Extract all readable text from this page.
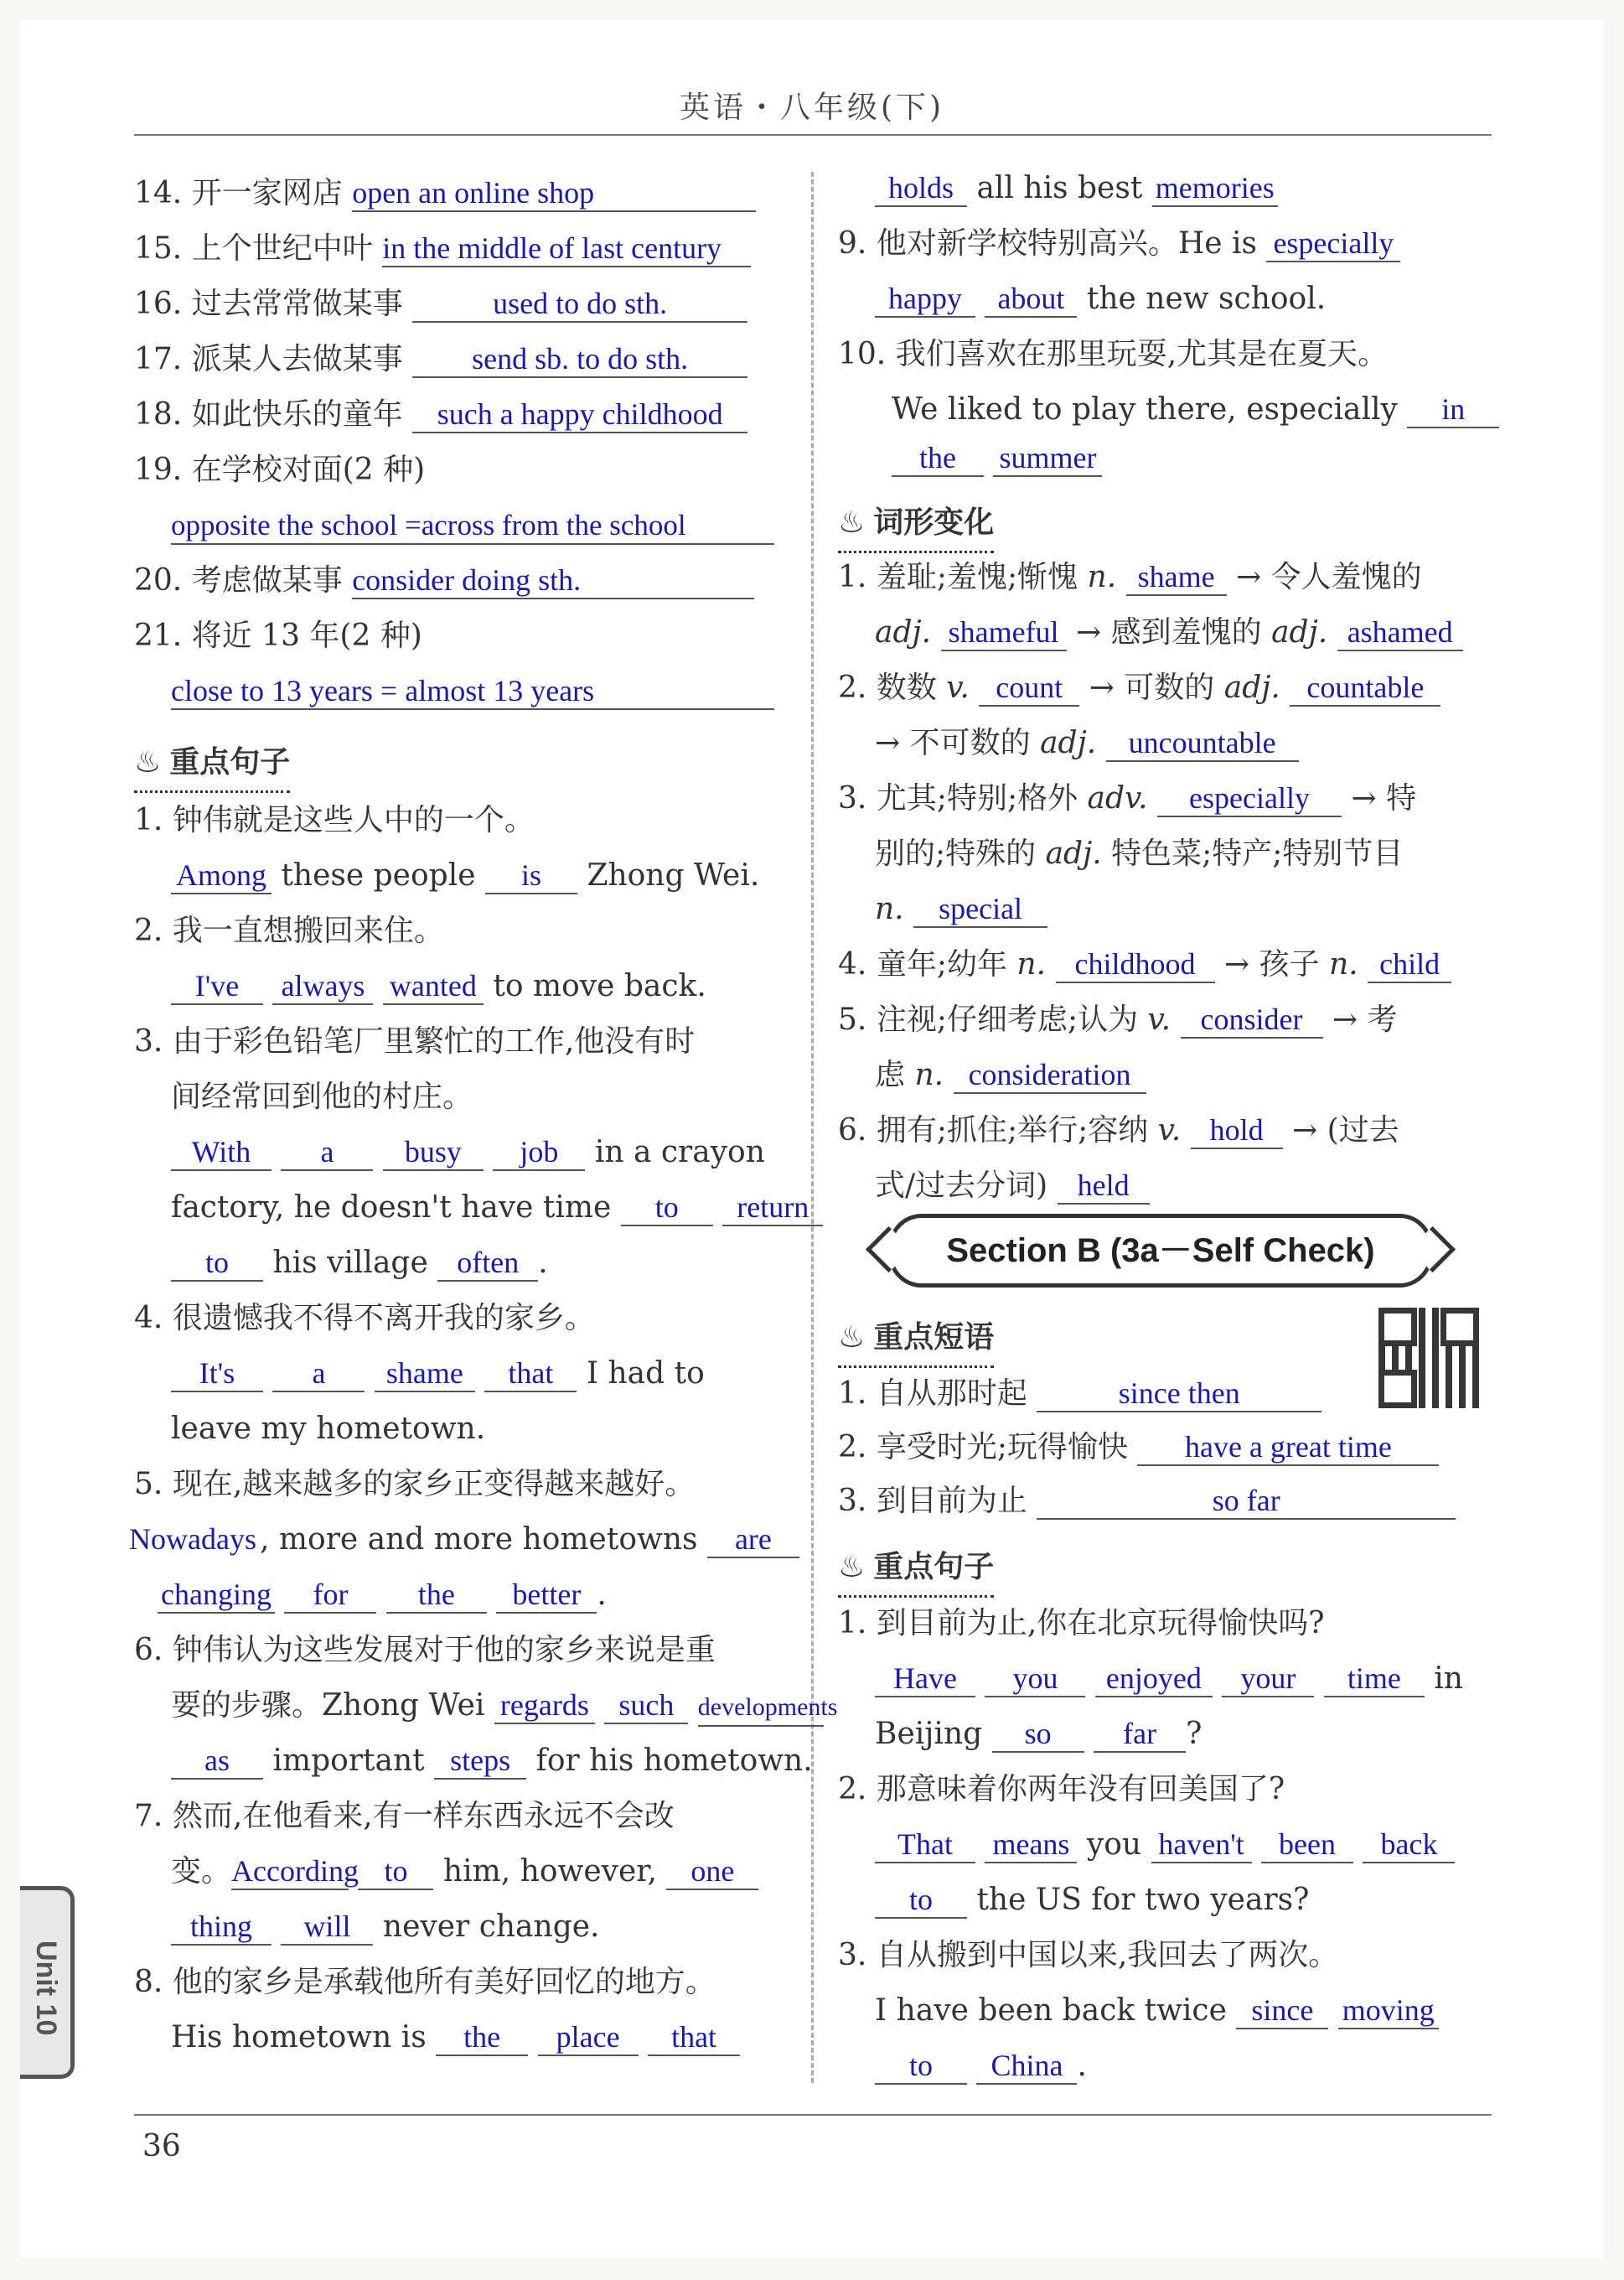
英语・八年级(下)
36
Unit 10
14. 开一家网店 open an online shop
15. 上个世纪中叶 in the middle of last century
16. 过去常常做某事	used to do sth.
17. 派某人去做某事 send sb. to do sth.
18. 如此快乐的童年 such a happy childhood
19. 在学校对面(2 种)
opposite the school =across from the school
20. 考虑做某事 consider doing sth.
21. 将近 13 年(2 种)
close to 13 years = almost 13 years
♨ 重点句子
1. 钟伟就是这些人中的一个。
Among these people is Zhong Wei.
2. 我一直想搬回来住。
I've always wanted to move back.
3. 由于彩色铅笔厂里繁忙的工作,他没有时
间经常回到他的村庄。
With a busy job in a crayon
factory, he doesn't have time to return
to his village often .
4. 很遗憾我不得不离开我的家乡。
It's	a shame that I had to
leave my hometown.
5. 现在,越来越多的家乡正变得越来越好。
Nowadays , more and more hometowns are
changing for the better .
6. 钟伟认为这些发展对于他的家乡来说是重
要的步骤。Zhong Wei regards such developments
as important steps for his hometown.
7. 然而,在他看来,有一样东西永远不会改
变。According to him, however, one
thing will never change.
8. 他的家乡是承载他所有美好回忆的地方。
His hometown is the place that
holds all his best memories
9. 他对新学校特别高兴。He is especially
happy about the new school.
10. 我们喜欢在那里玩耍,尤其是在夏天。
We liked to play there, especially in
the summer
♨ 词形变化
1. 羞耻;羞愧;惭愧 n. shame → 令人羞愧的
adj. shameful → 感到羞愧的 adj. ashamed
2. 数数 v. count → 可数的 adj. countable
→ 不可数的 adj. uncountable
3. 尤其;特别;格外 adv. especially → 特
别的;特殊的 adj. 特色菜;特产;特别节目
n. special
4. 童年;幼年 n. childhood → 孩子 n. child
5. 注视;仔细考虑;认为 v. consider → 考
虑 n. consideration
6. 拥有;抓住;举行;容纳 v. hold → (过去
式/过去分词) held
♨ 重点短语
1. 自从那时起	since then
2. 享受时光;玩得愉快 have a great time
3. 到目前为止	so far
♨ 重点句子
1. 到目前为止,你在北京玩得愉快吗?
Have you enjoyed your time in
Beijing so far ?
2. 那意味着你两年没有回美国了?
That means you haven't been back
to the US for two years?
3. 自从搬到中国以来,我回去了两次。
I have been back twice since moving
to China .
Section B (3a－Self Check)
